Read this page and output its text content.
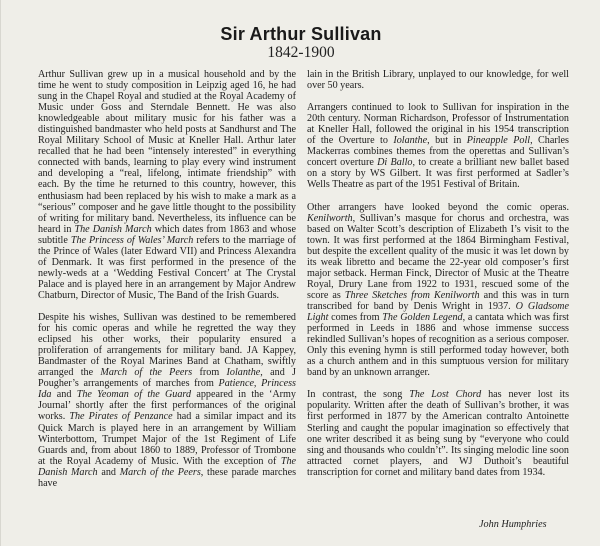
Sir Arthur Sullivan
1842-1900

Arthur Sullivan grew up in a musical household and by the time he went to study composition in Leipzig aged 16, he had sung in the Chapel Royal and studied at the Royal Academy of Music under Goss and Sterndale Bennett. He was also knowledgeable about military music for his father was a distinguished bandmaster who held posts at Sandhurst and The Royal Military School of Music at Kneller Hall. Arthur later recalled that he had been “intensely interested” in everything connected with bands, learning to play every wind instrument and developing a “real, lifelong, intimate friendship” with each. By the time he returned to this country, however, this enthusiasm had been replaced by his wish to make a mark as a “serious” composer and he gave little thought to the possibility of writing for military band. Nevertheless, its influence can be heard in The Danish March which dates from 1863 and whose subtitle The Princess of Wales’ March refers to the marriage of the Prince of Wales (later Edward VII) and Princess Alexandra of Denmark. It was first performed in the presence of the newly-weds at a ‘Wedding Festival Concert’ at The Crystal Palace and is played here in an arrangement by Major Andrew Chatburn, Director of Music, The Band of the Irish Guards.

Despite his wishes, Sullivan was destined to be remembered for his comic operas and while he regretted the way they eclipsed his other works, their popularity ensured a proliferation of arrangements for military band. JA Kappey, Bandmaster of the Royal Marines Band at Chatham, swiftly arranged the March of the Peers from Iolanthe, and J Pougher’s arrangements of marches from Patience, Princess Ida and The Yeoman of the Guard appeared in the ‘Army Journal’ shortly after the first performances of the original works. The Pirates of Penzance had a similar impact and its Quick March is played here in an arrangement by William Winterbottom, Trumpet Major of the 1st Regiment of Life Guards and, from about 1860 to 1889, Professor of Trombone at the Royal Academy of Music. With the exception of The Danish March and March of the Peers, these parade marches have

lain in the British Library, unplayed to our knowledge, for well over 50 years.

Arrangers continued to look to Sullivan for inspiration in the 20th century. Norman Richardson, Professor of Instrumentation at Kneller Hall, followed the original in his 1954 transcription of the Overture to Iolanthe, but in Pineapple Poll, Charles Mackerras combines themes from the operettas and Sullivan’s concert overture Di Ballo, to create a brilliant new ballet based on a story by WS Gilbert. It was first performed at Sadler’s Wells Theatre as part of the 1951 Festival of Britain.

Other arrangers have looked beyond the comic operas. Kenilworth, Sullivan’s masque for chorus and orchestra, was based on Walter Scott’s description of Elizabeth I’s visit to the town. It was first performed at the 1864 Birmingham Festival, but despite the excellent quality of the music it was let down by its weak libretto and became the 22-year old composer’s first major setback. Herman Finck, Director of Music at the Theatre Royal, Drury Lane from 1922 to 1931, rescued some of the score as Three Sketches from Kenilworth and this was in turn transcribed for band by Denis Wright in 1937. O Gladsome Light comes from The Golden Legend, a cantata which was first performed in Leeds in 1886 and whose immense success rekindled Sullivan’s hopes of recognition as a serious composer. Only this evening hymn is still performed today however, both as a church anthem and in this sumptuous version for military band by an unknown arranger.

In contrast, the song The Lost Chord has never lost its popularity. Written after the death of Sullivan’s brother, it was first performed in 1877 by the American contralto Antoinette Sterling and caught the popular imagination so effectively that one writer described it as being sung by “everyone who could sing and thousands who couldn’t”. Its singing melodic line soon attracted cornet players, and WJ Duthoit’s beautiful transcription for cornet and military band dates from 1934.

John Humphries
